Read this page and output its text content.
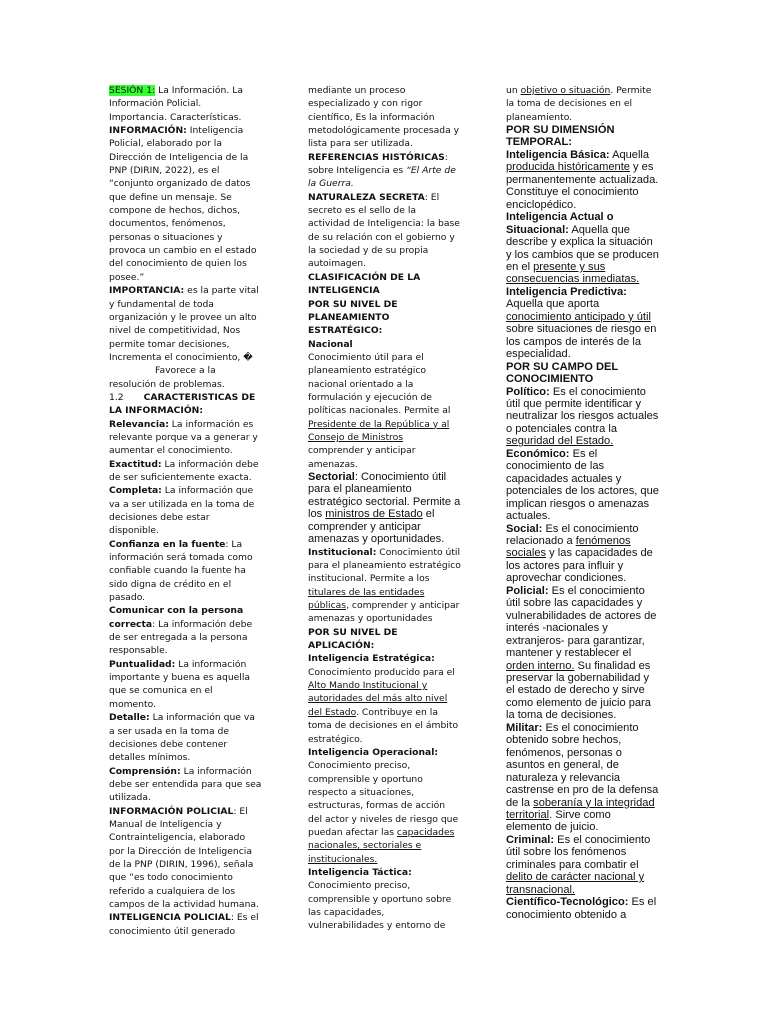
SESIÓN 1: La Información. La Información Policial. Importancia. Características.

INFORMACIÓN: Inteligencia Policial, elaborado por la Dirección de Inteligencia de la PNP (DIRIN, 2022), es el “conjunto organizado de datos que define un mensaje. Se compone de hechos, dichos, documentos, fenómenos, personas o situaciones y provoca un cambio en el estado del conocimiento de quien los posee.”

IMPORTANCIA: es la parte vital y fundamental de toda organización y le provee un alto nivel de competitividad, Nos permite tomar decisiones, Incrementa el conocimiento, �

Favorece a la resolución de problemas.

1.2 CARACTERISTICAS DE LA INFORMACIÓN:

Relevancia: La información es relevante porque va a generar y aumentar el conocimiento.

Exactitud: La información debe de ser suficientemente exacta.

Completa: La información que va a ser utilizada en la toma de decisiones debe estar disponible.

Confianza en la fuente: La información será tomada como confiable cuando la fuente ha sido digna de crédito en el pasado.

Comunicar con la persona correcta: La información debe de ser entregada a la persona responsable.

Puntualidad: La información importante y buena es aquella que se comunica en el momento.

Detalle: La información que va a ser usada en la toma de decisiones debe contener detalles mínimos.

Comprensión: La información debe ser entendida para que sea utilizada.

INFORMACIÓN POLICIAL: El Manual de Inteligencia y Contrainteligencia, elaborado por la Dirección de Inteligencia de la PNP (DIRIN, 1996), señala que “es todo conocimiento referido a cualquiera de los campos de la actividad humana.

INTELIGENCIA POLICIAL: Es el conocimiento útil generado

mediante un proceso especializado y con rigor científico, Es la información metodológicamente procesada y lista para ser utilizada.

REFERENCIAS HISTÓRICAS: sobre Inteligencia es “El Arte de la Guerra.

NATURALEZA SECRETA: El secreto es el sello de la actividad de Inteligencia: la base de su relación con el gobierno y la sociedad y de su propia autoimagen.

CLASIFICACIÓN DE LA INTELIGENCIA

POR SU NIVEL DE PLANEAMIENTO ESTRATÉGICO:

Nacional

Conocimiento útil para el planeamiento estratégico nacional orientado a la formulación y ejecución de políticas nacionales. Permite al Presidente de la República y al Consejo de Ministros comprender y anticipar amenazas.

Sectorial: Conocimiento útil para el planeamiento estratégico sectorial. Permite a los ministros de Estado el comprender y anticipar amenazas y oportunidades.

Institucional: Conocimiento útil para el planeamiento estratégico institucional. Permite a los titulares de las entidades públicas, comprender y anticipar amenazas y oportunidades

POR SU NIVEL DE APLICACIÓN:

Inteligencia Estratégica:

Conocimiento producido para el Alto Mando Institucional y autoridades del más alto nivel del Estado. Contribuye en la toma de decisiones en el ámbito estratégico.

Inteligencia Operacional:

Conocimiento preciso, comprensible y oportuno respecto a situaciones, estructuras, formas de acción del actor y niveles de riesgo que puedan afectar las capacidades nacionales, sectoriales e institucionales.

Inteligencia Táctica:

Conocimiento preciso, comprensible y oportuno sobre las capacidades, vulnerabilidades y entorno de

un objetivo o situación. Permite la toma de decisiones en el planeamiento.

POR SU DIMENSIÓN TEMPORAL:

Inteligencia Básica: Aquella producida históricamente y es permanentemente actualizada. Constituye el conocimiento enciclopédico.

Inteligencia Actual o Situacional: Aquella que describe y explica la situación y los cambios que se producen en el presente y sus consecuencias inmediatas.

Inteligencia Predictiva: Aquella que aporta conocimiento anticipado y útil sobre situaciones de riesgo en los campos de interés de la especialidad.

POR SU CAMPO DEL CONOCIMIENTO

Político: Es el conocimiento útil que permite identificar y neutralizar los riesgos actuales o potenciales contra la seguridad del Estado.

Económico: Es el conocimiento de las capacidades actuales y potenciales de los actores, que implican riesgos o amenazas actuales.

Social: Es el conocimiento relacionado a fenómenos sociales y las capacidades de los actores para influir y aprovechar condiciones.

Policial: Es el conocimiento útil sobre las capacidades y vulnerabilidades de actores de interés -nacionales y extranjeros- para garantizar, mantener y restablecer el orden interno. Su finalidad es preservar la gobernabilidad y el estado de derecho y sirve como elemento de juicio para la toma de decisiones.

Militar: Es el conocimiento obtenido sobre hechos, fenómenos, personas o asuntos en general, de naturaleza y relevancia castrense en pro de la defensa de la soberanía y la integridad territorial. Sirve como elemento de juicio.

Criminal: Es el conocimiento útil sobre los fenómenos criminales para combatir el delito de carácter nacional y transnacional.

Científico-Tecnológico: Es el conocimiento obtenido a
